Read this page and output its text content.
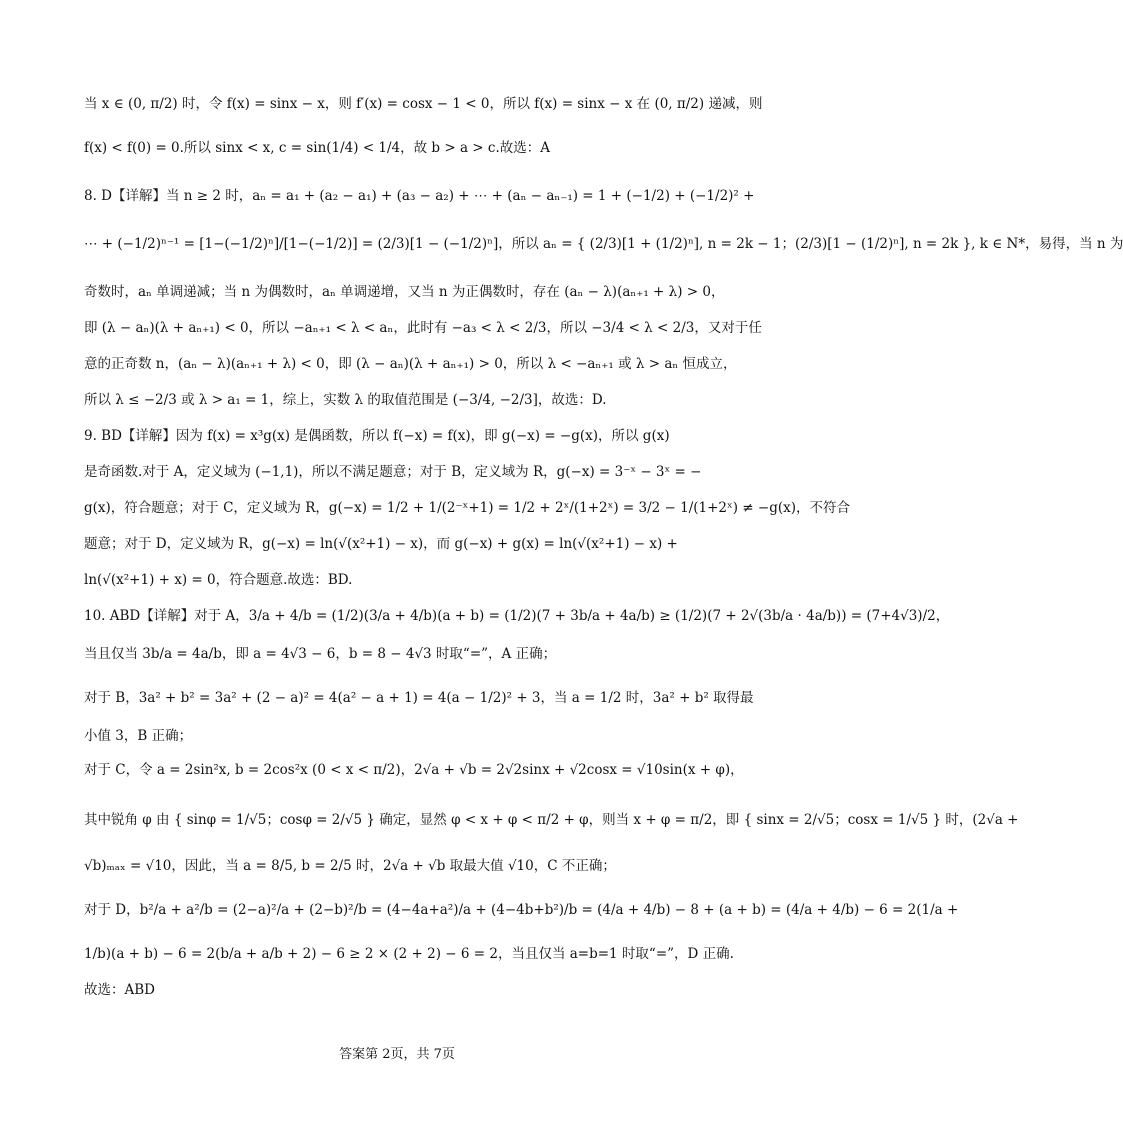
当 x ∈ (0, π/2) 时，令 f(x) = sinx − x，则 f′(x) = cosx − 1 < 0，所以 f(x) = sinx − x 在 (0, π/2) 递减，则
f(x) < f(0) = 0.所以 sinx < x, c = sin(1/4) < 1/4，故 b > a > c.故选：A
8. D【详解】当 n ≥ 2 时，aₙ = a₁ + (a₂ − a₁) + (a₃ − a₂) + ⋯ + (aₙ − aₙ₋₁) = 1 + (−1/2) + (−1/2)² +
⋯ + (−1/2)ⁿ⁻¹ = [1−(−1/2)ⁿ]/[1−(−1/2)] = (2/3)[1 − (−1/2)ⁿ]，所以 aₙ = { (2/3)[1 + (1/2)ⁿ], n = 2k − 1；(2/3)[1 − (1/2)ⁿ], n = 2k }, k ∈ N*，易得，当 n 为
奇数时，aₙ 单调递减；当 n 为偶数时，aₙ 单调递增，又当 n 为正偶数时，存在 (aₙ − λ)(aₙ₊₁ + λ) > 0，
即 (λ − aₙ)(λ + aₙ₊₁) < 0，所以 −aₙ₊₁ < λ < aₙ，此时有 −a₃ < λ < 2/3，所以 −3/4 < λ < 2/3，又对于任
意的正奇数 n，(aₙ − λ)(aₙ₊₁ + λ) < 0，即 (λ − aₙ)(λ + aₙ₊₁) > 0，所以 λ < −aₙ₊₁ 或 λ > aₙ 恒成立，
所以 λ ≤ −2/3 或 λ > a₁ = 1，综上，实数 λ 的取值范围是 (−3/4, −2/3]，故选：D.
9. BD【详解】因为 f(x) = x³g(x) 是偶函数，所以 f(−x) = f(x)，即 g(−x) = −g(x)，所以 g(x)
是奇函数.对于 A，定义域为 (−1,1)，所以不满足题意；对于 B，定义域为 R，g(−x) = 3⁻ˣ − 3ˣ = −
g(x)，符合题意；对于 C，定义域为 R，g(−x) = 1/2 + 1/(2⁻ˣ+1) = 1/2 + 2ˣ/(1+2ˣ) = 3/2 − 1/(1+2ˣ) ≠ −g(x)，不符合
题意；对于 D，定义域为 R，g(−x) = ln(√(x²+1) − x)，而 g(−x) + g(x) = ln(√(x²+1) − x) +
ln(√(x²+1) + x) = 0，符合题意.故选：BD.
10. ABD【详解】对于 A，3/a + 4/b = (1/2)(3/a + 4/b)(a + b) = (1/2)(7 + 3b/a + 4a/b) ≥ (1/2)(7 + 2√(3b/a · 4a/b)) = (7+4√3)/2，
当且仅当 3b/a = 4a/b，即 a = 4√3 − 6，b = 8 − 4√3 时取“=”，A 正确；
对于 B，3a² + b² = 3a² + (2 − a)² = 4(a² − a + 1) = 4(a − 1/2)² + 3，当 a = 1/2 时，3a² + b² 取得最
小值 3，B 正确；
对于 C，令 a = 2sin²x, b = 2cos²x (0 < x < π/2)，2√a + √b = 2√2sinx + √2cosx = √10sin(x + φ)，
其中锐角 φ 由 { sinφ = 1/√5；cosφ = 2/√5 } 确定，显然 φ < x + φ < π/2 + φ，则当 x + φ = π/2，即 { sinx = 2/√5；cosx = 1/√5 } 时，(2√a +
√b)ₘₐₓ = √10，因此，当 a = 8/5, b = 2/5 时，2√a + √b 取最大值 √10，C 不正确；
对于 D，b²/a + a²/b = (2−a)²/a + (2−b)²/b = (4−4a+a²)/a + (4−4b+b²)/b = (4/a + 4/b) − 8 + (a + b) = (4/a + 4/b) − 6 = 2(1/a +
1/b)(a + b) − 6 = 2(b/a + a/b + 2) − 6 ≥ 2 × (2 + 2) − 6 = 2，当且仅当 a=b=1 时取“=”，D 正确.
故选：ABD
答案第 2页，共 7页
